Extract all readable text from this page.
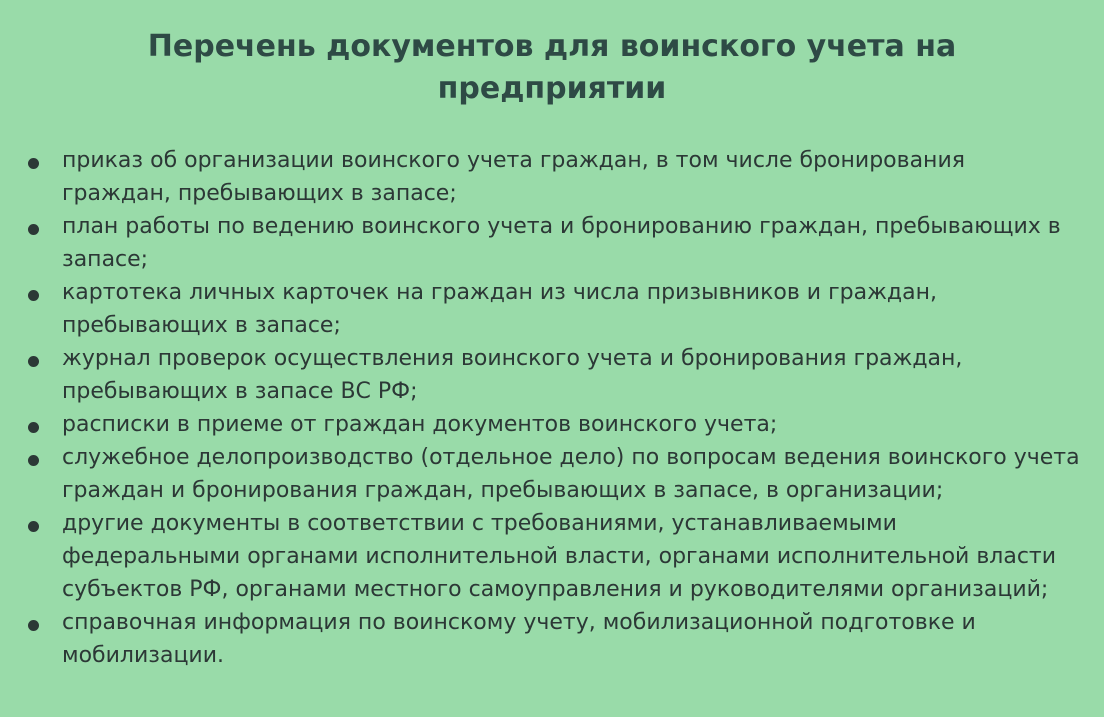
Перечень документов для воинского учета на предприятии
приказ об организации воинского учета граждан, в том числе бронирования граждан, пребывающих в запасе;
план работы по ведению воинского учета и бронированию граждан, пребывающих в запасе;
картотека личных карточек на граждан из числа призывников и граждан, пребывающих в запасе;
журнал проверок осуществления воинского учета и бронирования граждан, пребывающих в запасе ВС РФ;
расписки в приеме от граждан документов воинского учета;
служебное делопроизводство (отдельное дело) по вопросам ведения воинского учета граждан и бронирования граждан, пребывающих в запасе, в организации;
другие документы в соответствии с требованиями, устанавливаемыми федеральными органами исполнительной власти, органами исполнительной власти субъектов РФ, органами местного самоуправления и руководителями организаций;
справочная информация по воинскому учету, мобилизационной подготовке и мобилизации.
